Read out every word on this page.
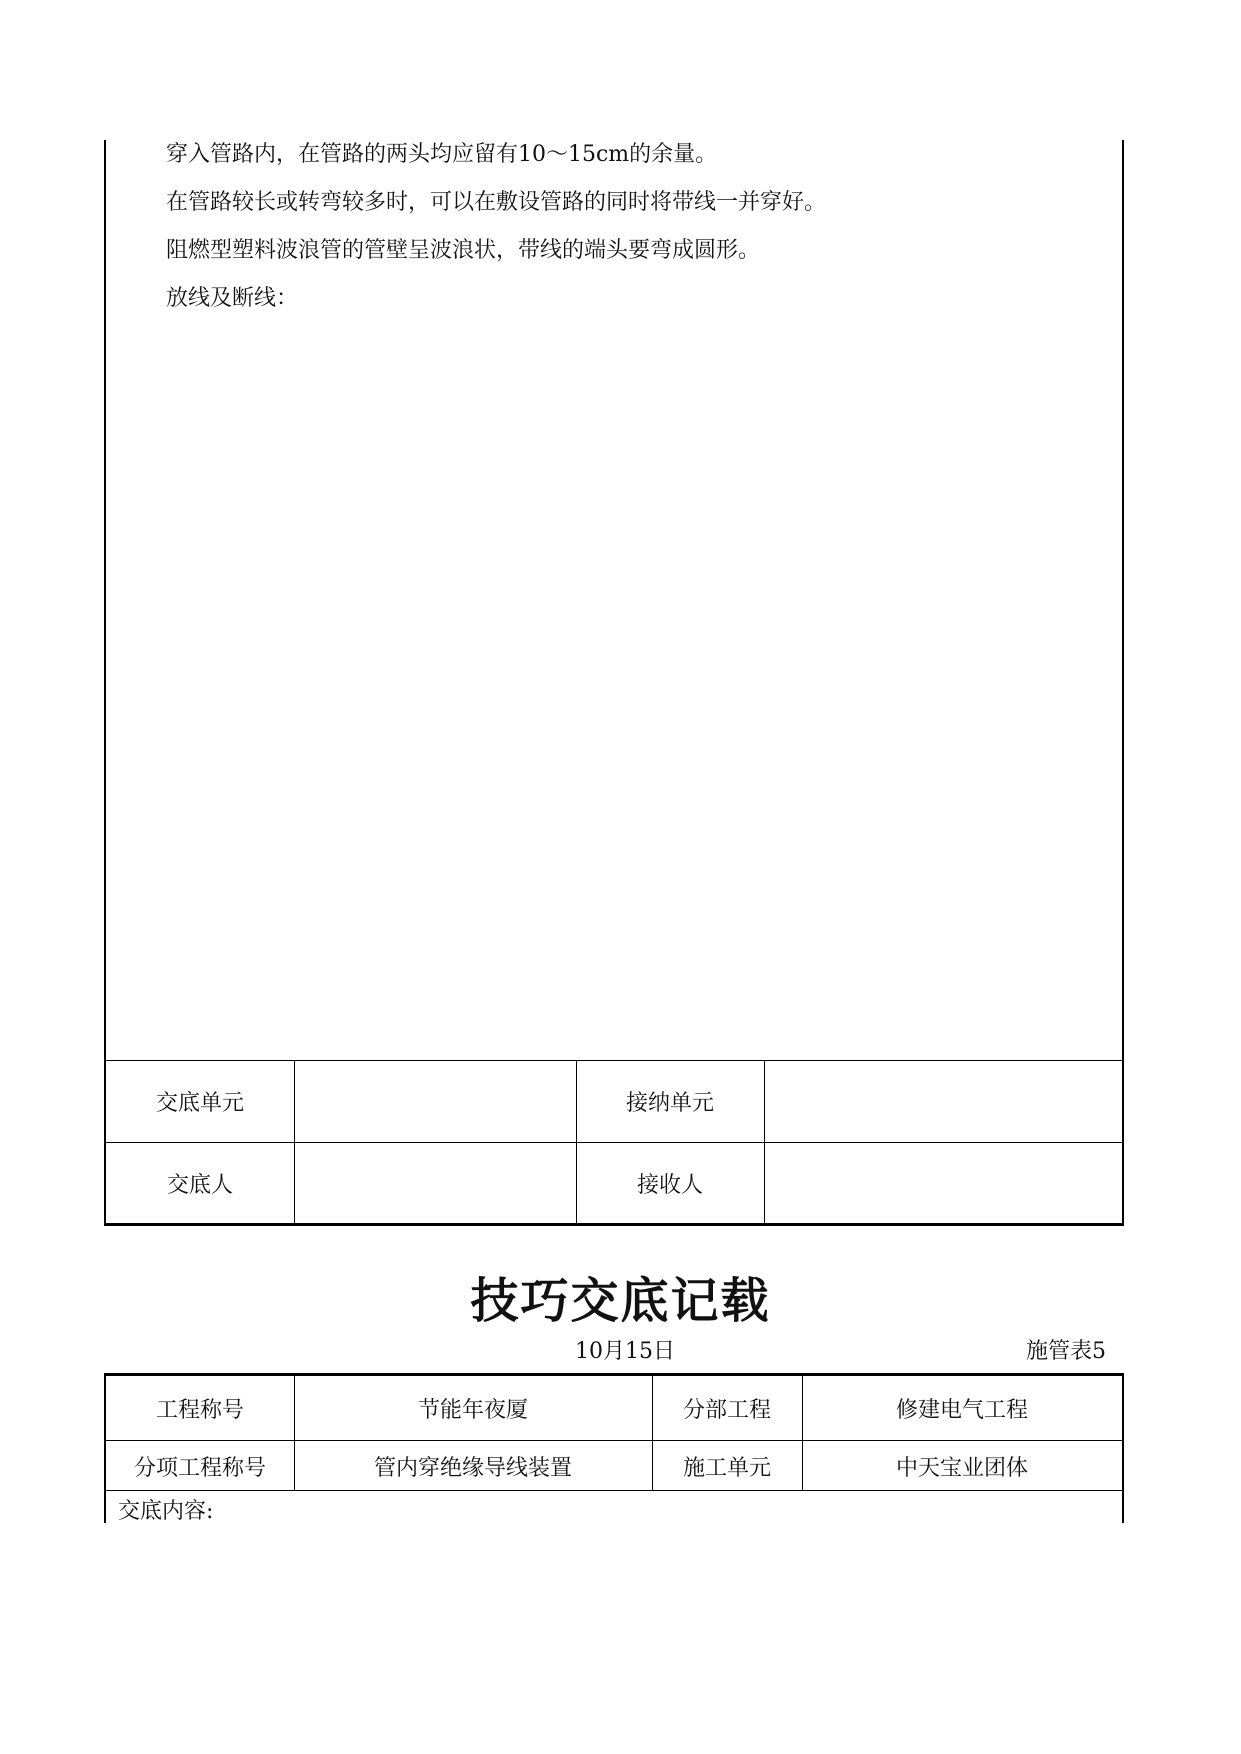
穿入管路内，在管路的两头均应留有10～15cm的余量。
在管路较长或转弯较多时，可以在敷设管路的同时将带线一并穿好。
阻燃型塑料波浪管的管壁呈波浪状，带线的端头要弯成圆形。
放线及断线：
交底单元	接纳单元
交底人	接收人
技巧交底记载
10月15日	施管表5
工程称号	节能年夜厦	分部工程	修建电气工程
分项工程称号	管内穿绝缘导线装置	施工单元	中天宝业团体
交底内容:
